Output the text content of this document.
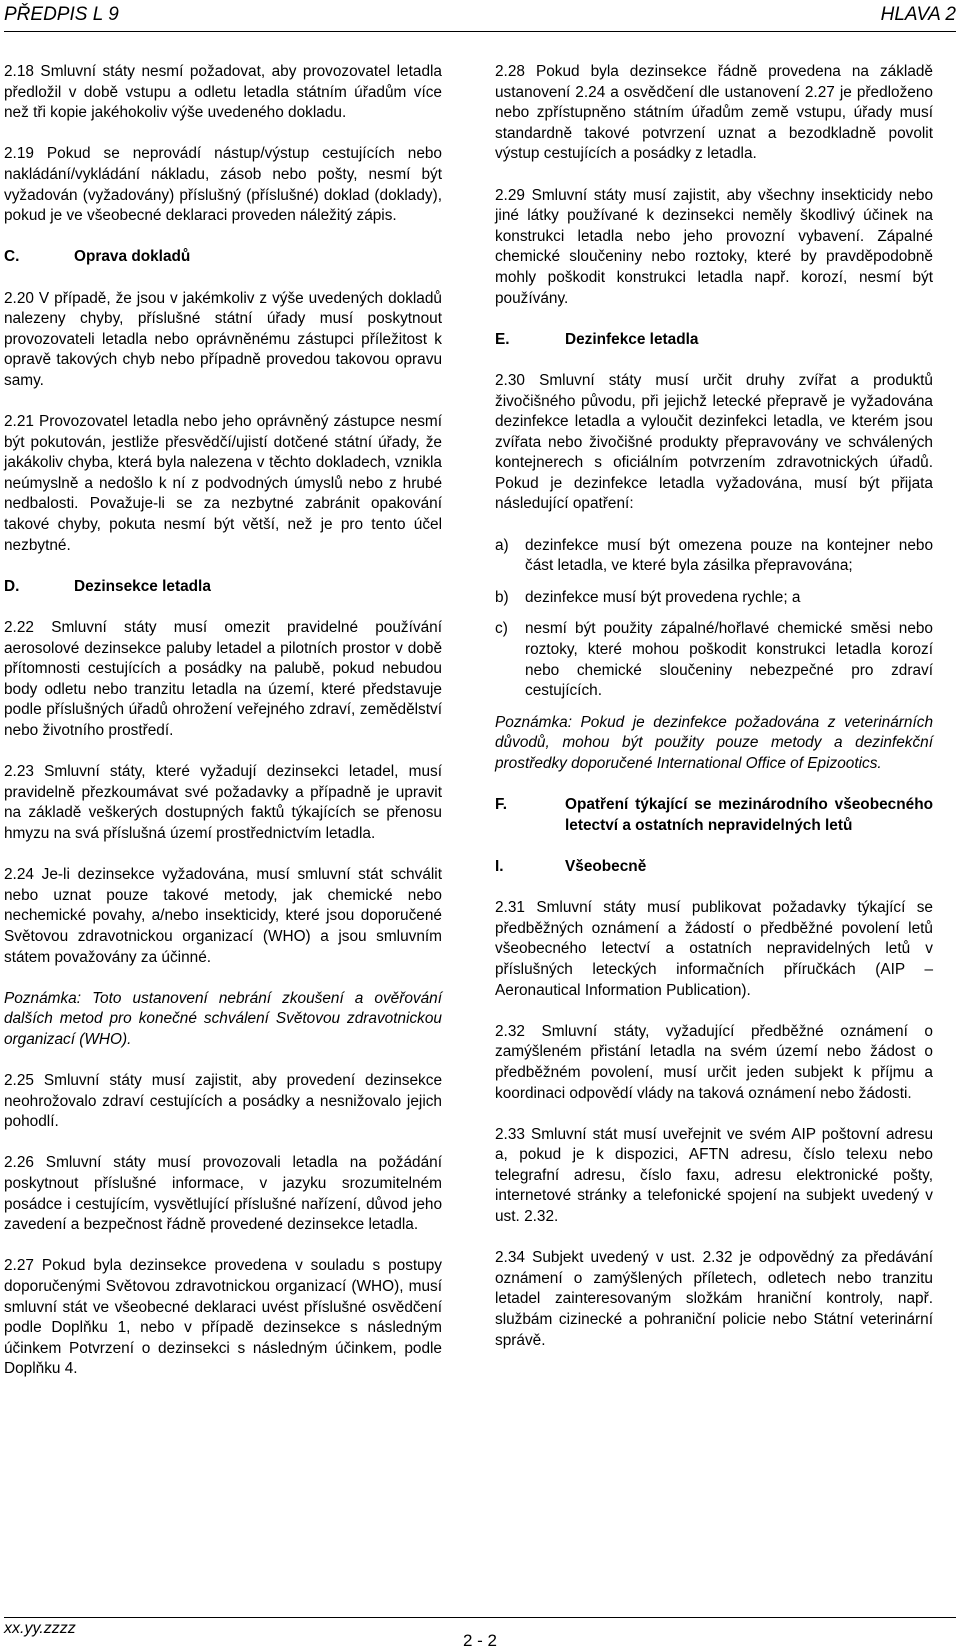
PŘEDPIS L 9	HLAVA 2

2.18 Smluvní státy nesmí požadovat, aby provozovatel letadla předložil v době vstupu a odletu letadla státním úřadům více než tři kopie jakéhokoliv výše uvedeného dokladu.

2.19 Pokud se neprovádí nástup/výstup cestujících nebo nakládání/vykládání nákladu, zásob nebo pošty, nesmí být vyžadován (vyžadovány) příslušný (příslušné) doklad (doklady), pokud je ve všeobecné deklaraci proveden náležitý zápis.

C.	Oprava dokladů

2.20 V případě, že jsou v jakémkoliv z výše uvedených dokladů nalezeny chyby, příslušné státní úřady musí poskytnout provozovateli letadla nebo oprávněnému zástupci příležitost k opravě takových chyb nebo případně provedou takovou opravu samy.

2.21 Provozovatel letadla nebo jeho oprávněný zástupce nesmí být pokutován, jestliže přesvědčí/ujistí dotčené státní úřady, že jakákoliv chyba, která byla nalezena v těchto dokladech, vznikla neúmyslně a nedošlo k ní z podvodných úmyslů nebo z hrubé nedbalosti. Považuje-li se za nezbytné zabránit opakování takové chyby, pokuta nesmí být větší, než je pro tento účel nezbytné.

D.	Dezinsekce letadla

2.22 Smluvní státy musí omezit pravidelné používání aerosolové dezinsekce paluby letadel a pilotních prostor v době přítomnosti cestujících a posádky na palubě, pokud nebudou body odletu nebo tranzitu letadla na území, které představuje podle příslušných úřadů ohrožení veřejného zdraví, zemědělství nebo životního prostředí.

2.23 Smluvní státy, které vyžadují dezinsekci letadel, musí pravidelně přezkoumávat své požadavky a případně je upravit na základě veškerých dostupných faktů týkajících se přenosu hmyzu na svá příslušná území prostřednictvím letadla.

2.24 Je-li dezinsekce vyžadována, musí smluvní stát schválit nebo uznat pouze takové metody, jak chemické nebo nechemické povahy, a/nebo insekticidy, které jsou doporučené Světovou zdravotnickou organizací (WHO) a jsou smluvním státem považovány za účinné.

Poznámka: Toto ustanovení nebrání zkoušení a ověřování dalších metod pro konečné schválení Světovou zdravotnickou organizací (WHO).

2.25 Smluvní státy musí zajistit, aby provedení dezinsekce neohrožovalo zdraví cestujících a posádky a nesnižovalo jejich pohodlí.

2.26 Smluvní státy musí provozovali letadla na požádání poskytnout příslušné informace, v jazyku srozumitelném posádce i cestujícím, vysvětlující příslušné nařízení, důvod jeho zavedení a bezpečnost řádně provedené dezinsekce letadla.

2.27 Pokud byla dezinsekce provedena v souladu s postupy doporučenými Světovou zdravotnickou organizací (WHO), musí smluvní stát ve všeobecné deklaraci uvést příslušné osvědčení podle Doplňku 1, nebo v případě dezinsekce s následným účinkem Potvrzení o dezinsekci s následným účinkem, podle Doplňku 4.

2.28 Pokud byla dezinsekce řádně provedena na základě ustanovení 2.24 a osvědčení dle ustanovení 2.27 je předloženo nebo zpřístupněno státním úřadům země vstupu, úřady musí standardně takové potvrzení uznat a bezodkladně povolit výstup cestujících a posádky z letadla.

2.29 Smluvní státy musí zajistit, aby všechny insekticidy nebo jiné látky používané k dezinsekci neměly škodlivý účinek na konstrukci letadla nebo jeho provozní vybavení. Zápalné chemické sloučeniny nebo roztoky, které by pravděpodobně mohly poškodit konstrukci letadla např. korozí, nesmí být používány.

E.	Dezinfekce letadla

2.30 Smluvní státy musí určit druhy zvířat a produktů živočišného původu, při jejichž letecké přepravě je vyžadována dezinfekce letadla a vyloučit dezinfekci letadla, ve kterém jsou zvířata nebo živočišné produkty přepravovány ve schválených kontejnerech s oficiálním potvrzením zdravotnických úřadů. Pokud je dezinfekce letadla vyžadována, musí být přijata následující opatření:

a)	dezinfekce musí být omezena pouze na kontejner nebo část letadla, ve které byla zásilka přepravována;
b)	dezinfekce musí být provedena rychle; a
c)	nesmí být použity zápalné/hořlavé chemické směsi nebo roztoky, které mohou poškodit konstrukci letadla korozí nebo chemické sloučeniny nebezpečné pro zdraví cestujících.

Poznámka: Pokud je dezinfekce požadována z veterinárních důvodů, mohou být použity pouze metody a dezinfekční prostředky doporučené International Office of Epizootics.

F.	Opatření týkající se mezinárodního všeobecného letectví a ostatních nepravidelných letů
I.	Všeobecně

2.31 Smluvní státy musí publikovat požadavky týkající se předběžných oznámení a žádostí o předběžné povolení letů všeobecného letectví a ostatních nepravidelných letů v příslušných leteckých informačních příručkách (AIP – Aeronautical Information Publication).

2.32 Smluvní státy, vyžadující předběžné oznámení o zamýšleném přistání letadla na svém území nebo žádost o předběžném povolení, musí určit jeden subjekt k příjmu a koordinaci odpovědí vlády na taková oznámení nebo žádosti.

2.33 Smluvní stát musí uveřejnit ve svém AIP poštovní adresu a, pokud je k dispozici, AFTN adresu, číslo telexu nebo telegrafní adresu, číslo faxu, adresu elektronické pošty, internetové stránky a telefonické spojení na subjekt uvedený v ust. 2.32.

2.34 Subjekt uvedený v ust. 2.32 je odpovědný za předávání oznámení o zamýšlených příletech, odletech nebo tranzitu letadel zainteresovaným složkám hraniční kontroly, např. službám cizinecké a pohraniční policie nebo Státní veterinární správě.

xx.yy.zzzz
2 - 2
